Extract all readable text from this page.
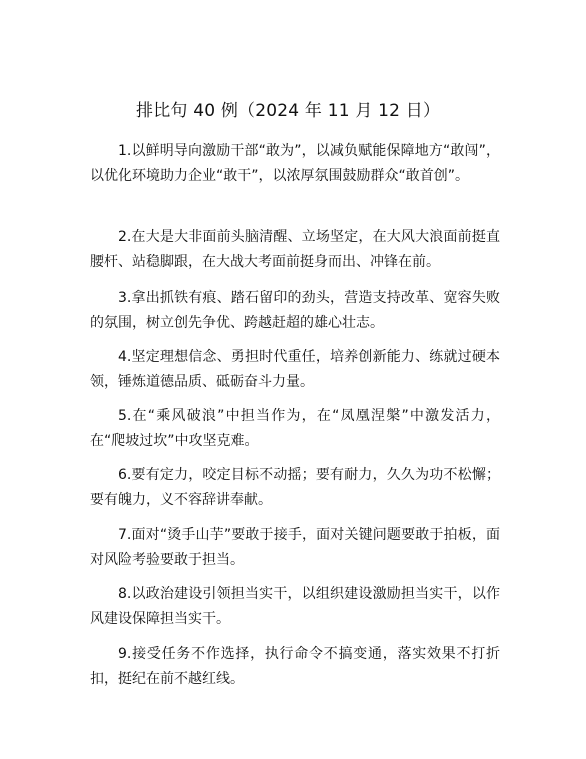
排比句 40 例（2024 年 11 月 12 日）

1.以鲜明导向激励干部“敢为”，以减负赋能保障地方“敢闯”，以优化环境助力企业“敢干”，以浓厚氛围鼓励群众“敢首创”。

2.在大是大非面前头脑清醒、立场坚定，在大风大浪面前挺直腰杆、站稳脚跟，在大战大考面前挺身而出、冲锋在前。

3.拿出抓铁有痕、踏石留印的劲头，营造支持改革、宽容失败的氛围，树立创先争优、跨越赶超的雄心壮志。

4.坚定理想信念、勇担时代重任，培养创新能力、练就过硬本领，锤炼道德品质、砥砺奋斗力量。

5.在“乘风破浪”中担当作为，在“凤凰涅槃”中激发活力，在“爬坡过坎”中攻坚克难。

6.要有定力，咬定目标不动摇；要有耐力，久久为功不松懈；要有魄力，义不容辞讲奉献。

7.面对“烫手山芋”要敢于接手，面对关键问题要敢于拍板，面对风险考验要敢于担当。

8.以政治建设引领担当实干，以组织建设激励担当实干，以作风建设保障担当实干。

9.接受任务不作选择，执行命令不搞变通，落实效果不打折扣，挺纪在前不越红线。
